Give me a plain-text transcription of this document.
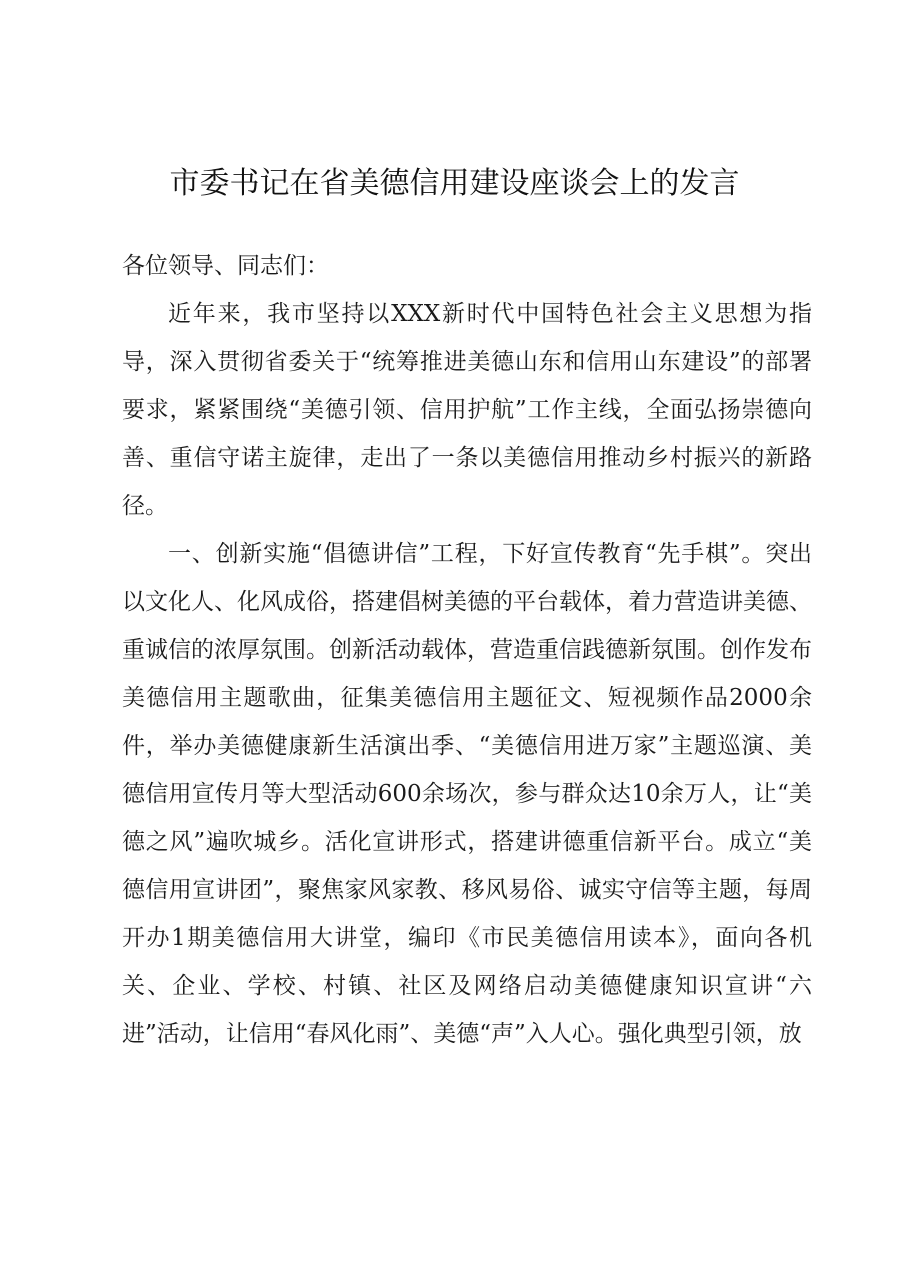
市委书记在省美德信用建设座谈会上的发言

各位领导、同志们：

近年来，我市坚持以XXX新时代中国特色社会主义思想为指导，深入贯彻省委关于“统筹推进美德山东和信用山东建设”的部署要求，紧紧围绕“美德引领、信用护航”工作主线，全面弘扬崇德向善、重信守诺主旋律，走出了一条以美德信用推动乡村振兴的新路径。

一、创新实施“倡德讲信”工程，下好宣传教育“先手棋”。突出以文化人、化风成俗，搭建倡树美德的平台载体，着力营造讲美德、重诚信的浓厚氛围。创新活动载体，营造重信践德新氛围。创作发布美德信用主题歌曲，征集美德信用主题征文、短视频作品2000余件，举办美德健康新生活演出季、“美德信用进万家”主题巡演、美德信用宣传月等大型活动600余场次，参与群众达10余万人，让“美德之风”遍吹城乡。活化宣讲形式，搭建讲德重信新平台。成立“美德信用宣讲团”，聚焦家风家教、移风易俗、诚实守信等主题，每周开办1期美德信用大讲堂，编印《市民美德信用读本》，面向各机关、企业、学校、村镇、社区及网络启动美德健康知识宣讲“六进”活动，让信用“春风化雨”、美德“声”入人心。强化典型引领，放
